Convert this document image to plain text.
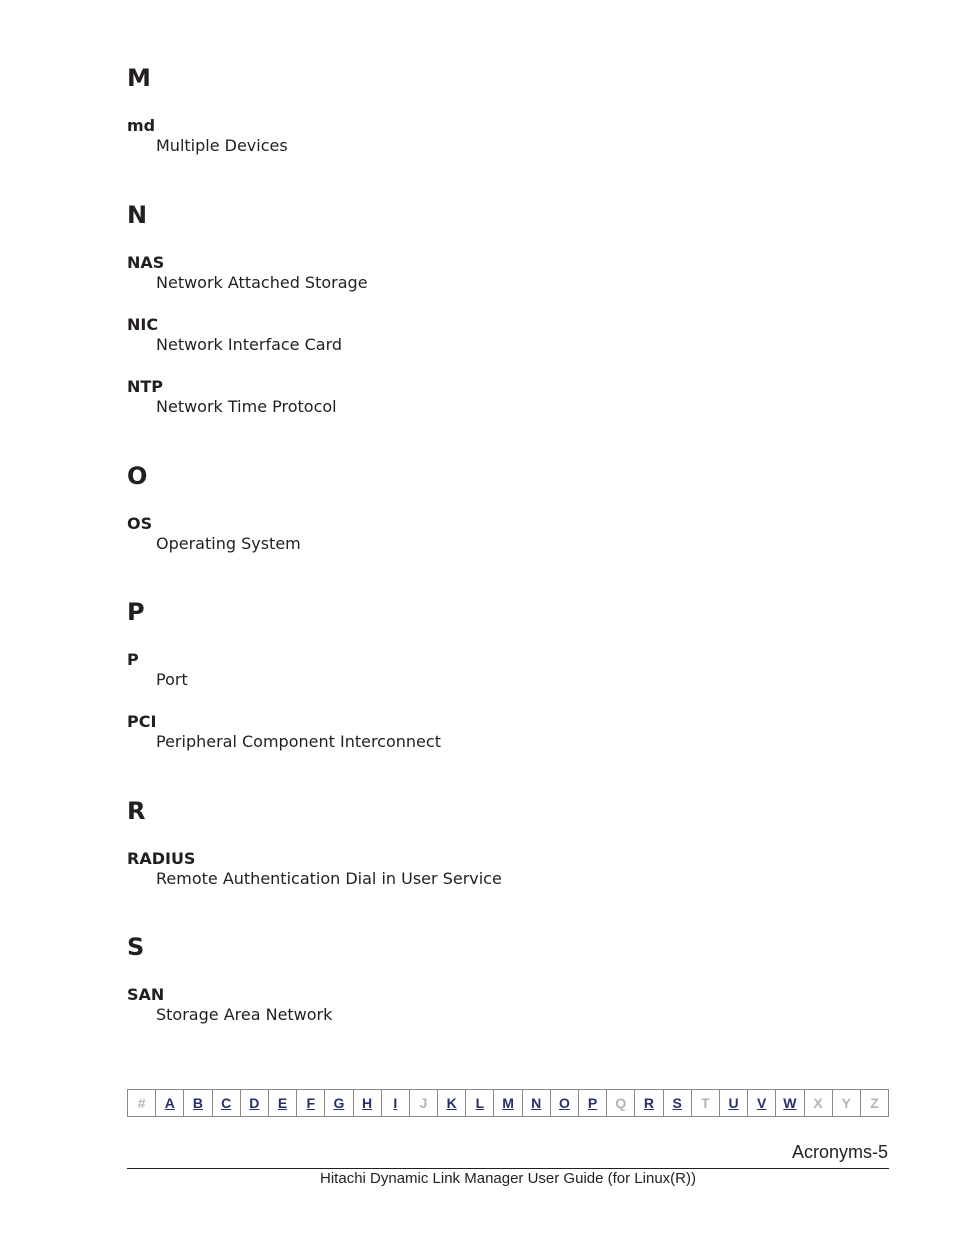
M
md
Multiple Devices
N
NAS
Network Attached Storage
NIC
Network Interface Card
NTP
Network Time Protocol
O
OS
Operating System
P
P
Port
PCI
Peripheral Component Interconnect
R
RADIUS
Remote Authentication Dial in User Service
S
SAN
Storage Area Network
#	A	B	C	D	E	F	G	H	I	J	K	L	M	N	O	P	Q	R	S	T	U	V	W	X	Y	Z
Acronyms-5
Hitachi Dynamic Link Manager User Guide (for Linux(R))
